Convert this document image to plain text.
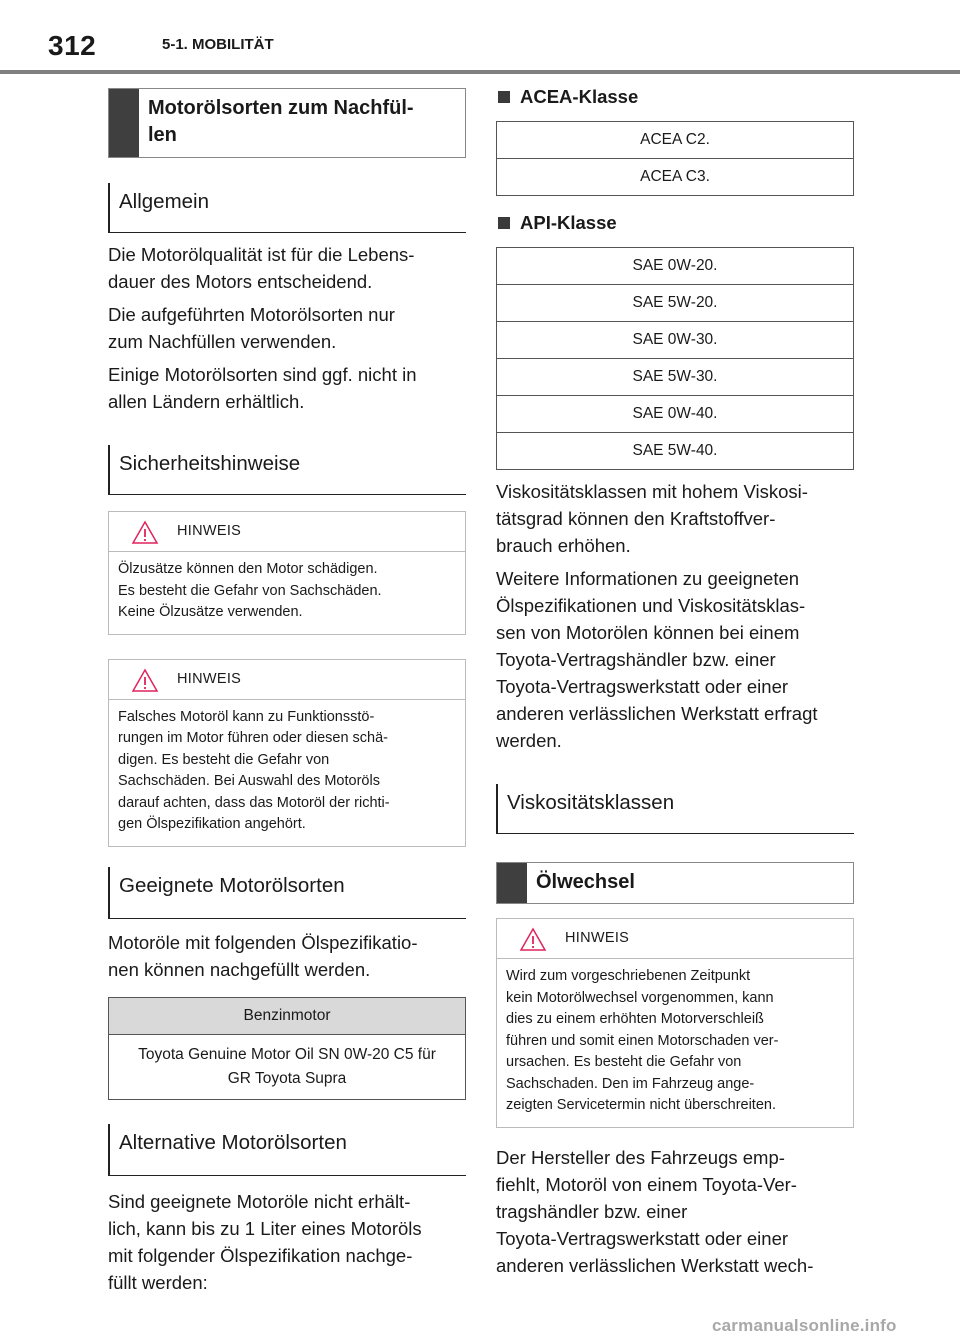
312	5-1. MOBILITÄT
Motorölsorten zum Nachfül-
len
Allgemein
Die Motorölqualität ist für die Lebens-
dauer des Motors entscheidend.
Die aufgeführten Motorölsorten nur
zum Nachfüllen verwenden.
Einige Motorölsorten sind ggf. nicht in
allen Ländern erhältlich.
Sicherheitshinweise
HINWEIS
Ölzusätze können den Motor schädigen.
Es besteht die Gefahr von Sachschäden.
Keine Ölzusätze verwenden.
HINWEIS
Falsches Motoröl kann zu Funktionsstö-
rungen im Motor führen oder diesen schä-
digen. Es besteht die Gefahr von
Sachschäden. Bei Auswahl des Motoröls
darauf achten, dass das Motoröl der richti-
gen Ölspezifikation angehört.
Geeignete Motorölsorten
Motoröle mit folgenden Ölspezifikatio-
nen können nachgefüllt werden.
Benzinmotor
Toyota Genuine Motor Oil SN 0W-20 C5 für
GR Toyota Supra
Alternative Motorölsorten
Sind geeignete Motoröle nicht erhält-
lich, kann bis zu 1 Liter eines Motoröls
mit folgender Ölspezifikation nachge-
füllt werden:
ACEA-Klasse
ACEA C2.
ACEA C3.
API-Klasse
SAE 0W-20.
SAE 5W-20.
SAE 0W-30.
SAE 5W-30.
SAE 0W-40.
SAE 5W-40.
Viskositätsklassen mit hohem Viskosi-
tätsgrad können den Kraftstoffver-
brauch erhöhen.
Weitere Informationen zu geeigneten
Ölspezifikationen und Viskositätsklas-
sen von Motorölen können bei einem
Toyota-Vertragshändler bzw. einer
Toyota-Vertragswerkstatt oder einer
anderen verlässlichen Werkstatt erfragt
werden.
Viskositätsklassen
Ölwechsel
HINWEIS
Wird zum vorgeschriebenen Zeitpunkt
kein Motorölwechsel vorgenommen, kann
dies zu einem erhöhten Motorverschleiß
führen und somit einen Motorschaden ver-
ursachen. Es besteht die Gefahr von
Sachschaden. Den im Fahrzeug ange-
zeigten Servicetermin nicht überschreiten.
Der Hersteller des Fahrzeugs emp-
fiehlt, Motoröl von einem Toyota-Ver-
tragshändler bzw. einer
Toyota-Vertragswerkstatt oder einer
anderen verlässlichen Werkstatt wech-
carmanualsonline.info
